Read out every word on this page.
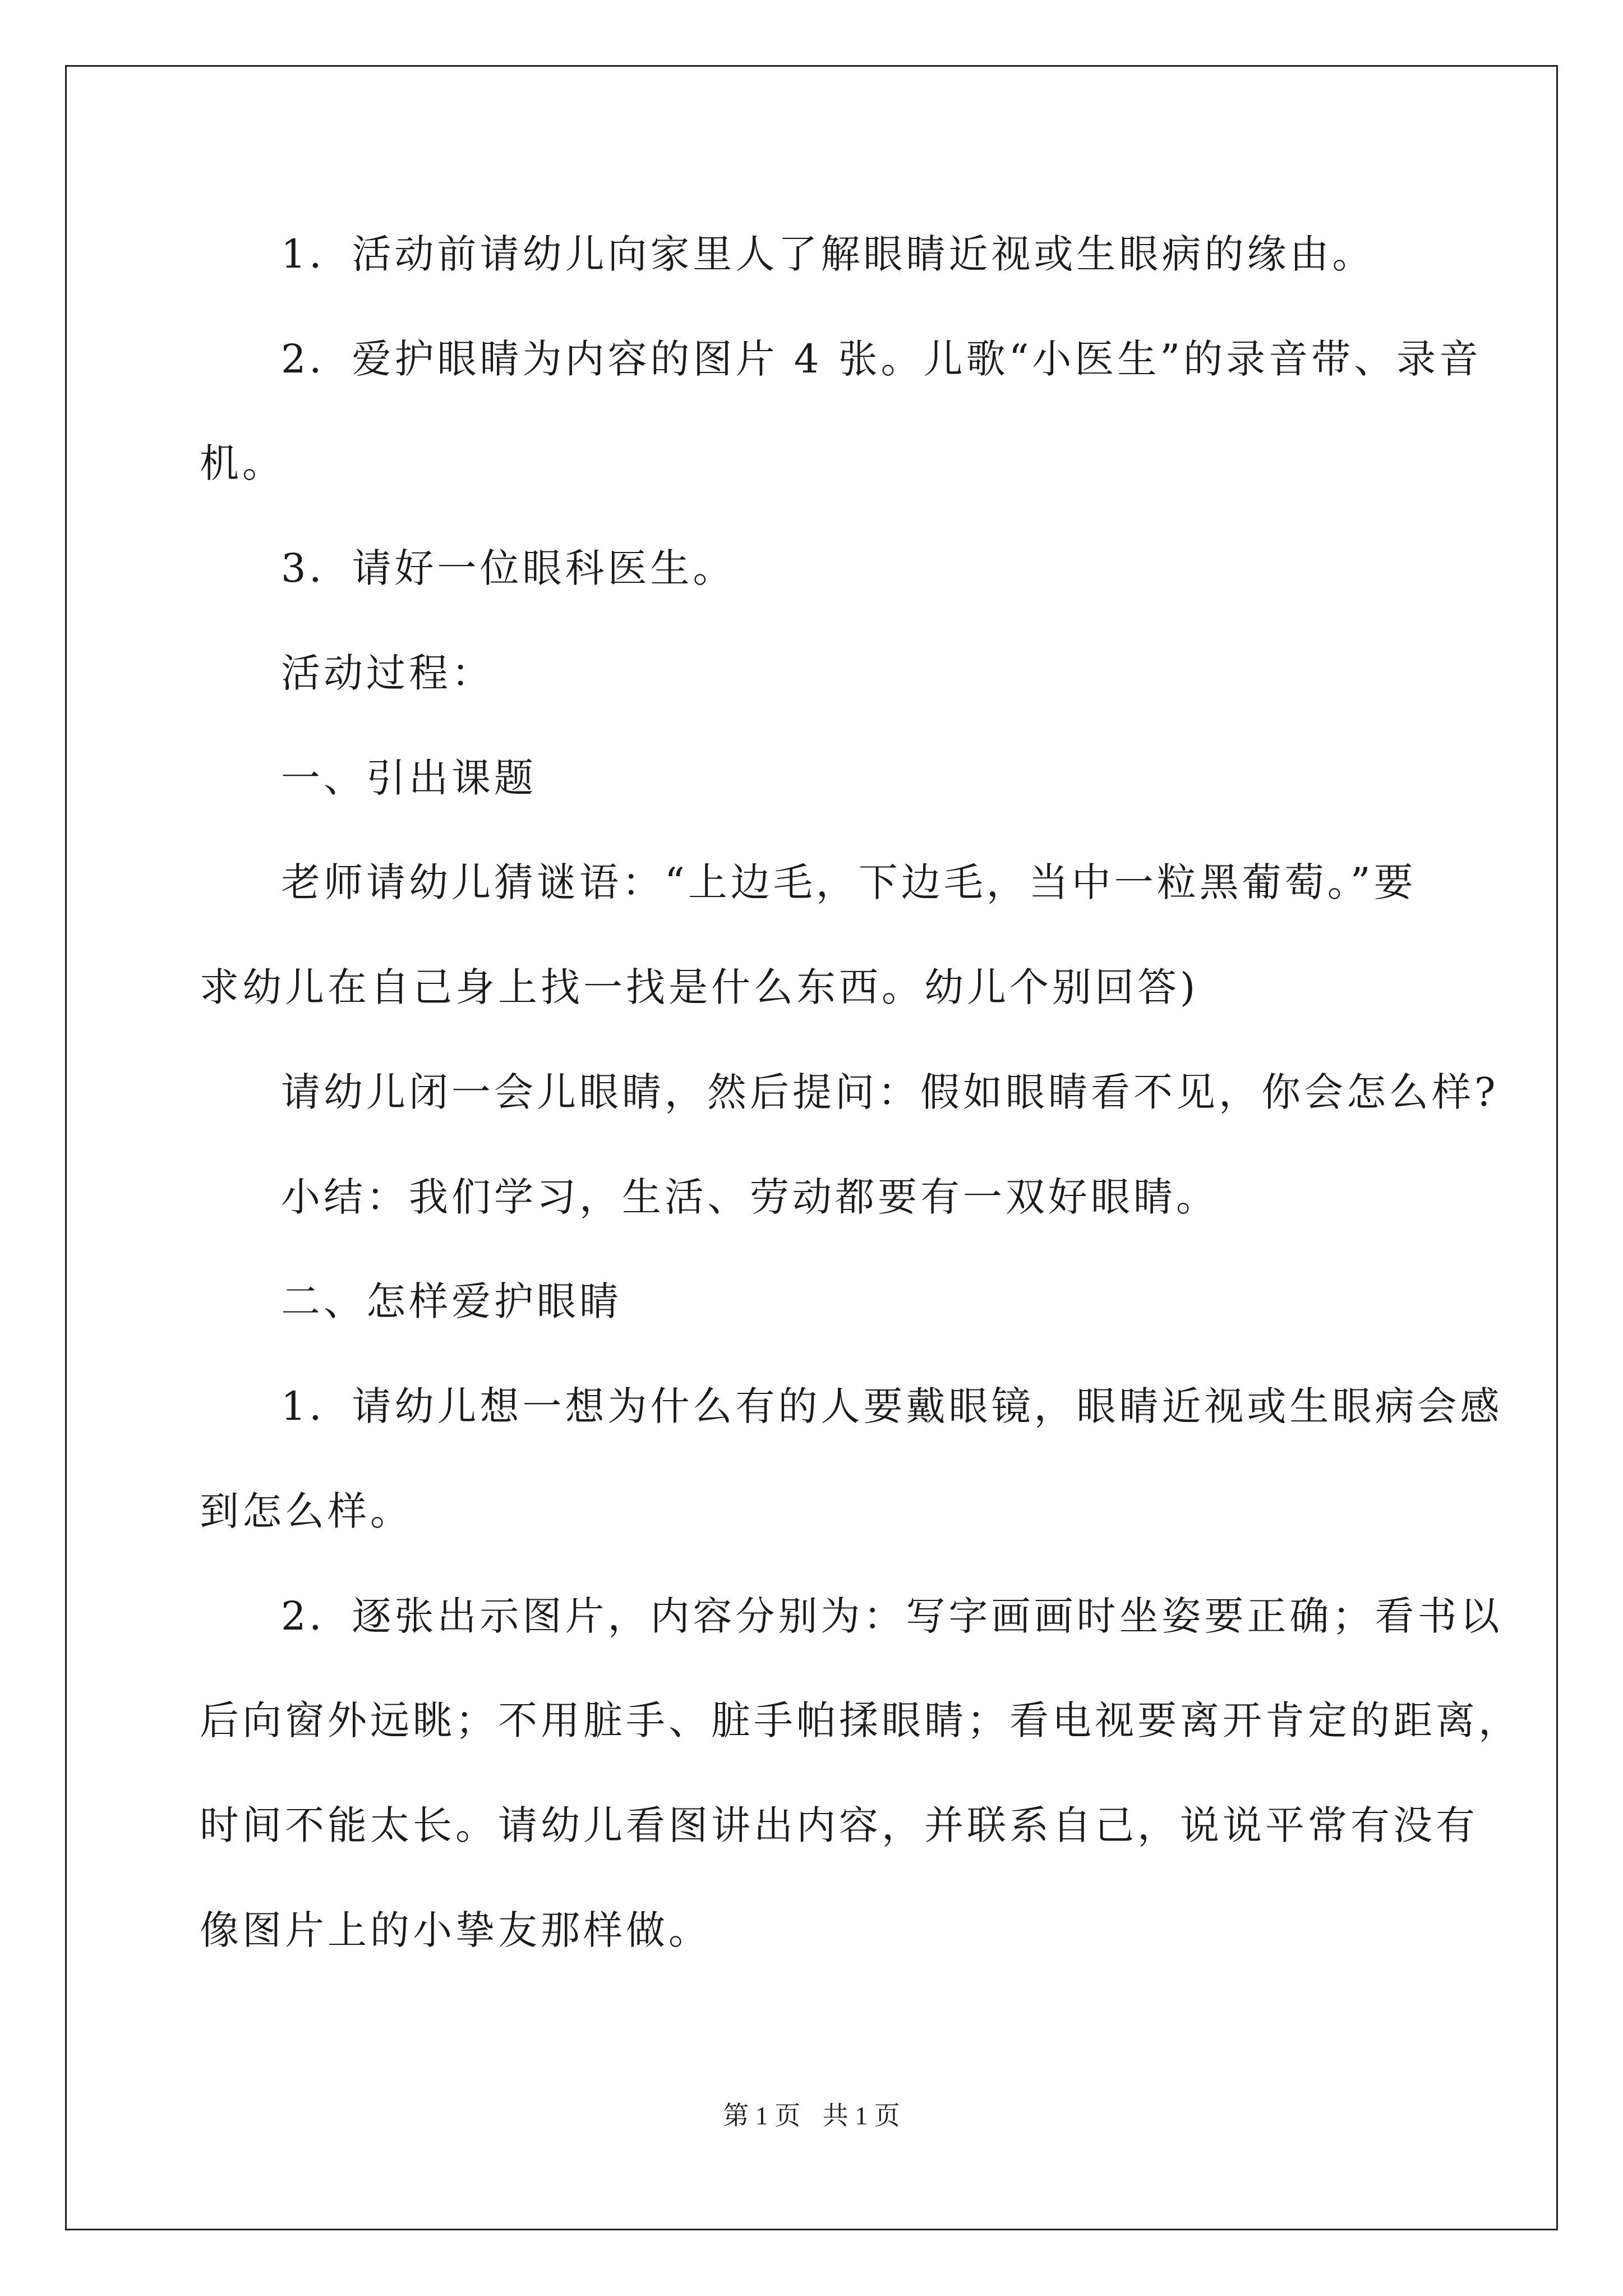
1．活动前请幼儿向家里人了解眼睛近视或生眼病的缘由。
2．爱护眼睛为内容的图片 4 张。儿歌“小医生”的录音带、录音
机。
3．请好一位眼科医生。
活动过程：
一、引出课题
老师请幼儿猜谜语：“上边毛，下边毛，当中一粒黑葡萄。”要
求幼儿在自己身上找一找是什么东西。幼儿个别回答)
请幼儿闭一会儿眼睛，然后提问：假如眼睛看不见，你会怎么样?
小结：我们学习，生活、劳动都要有一双好眼睛。
二、怎样爱护眼睛
1．请幼儿想一想为什么有的人要戴眼镜，眼睛近视或生眼病会感
到怎么样。
2．逐张出示图片，内容分别为：写字画画时坐姿要正确；看书以
后向窗外远眺；不用脏手、脏手帕揉眼睛；看电视要离开肯定的距离，
时间不能太长。请幼儿看图讲出内容，并联系自己，说说平常有没有
像图片上的小挚友那样做。
第 1 页 共 1 页
